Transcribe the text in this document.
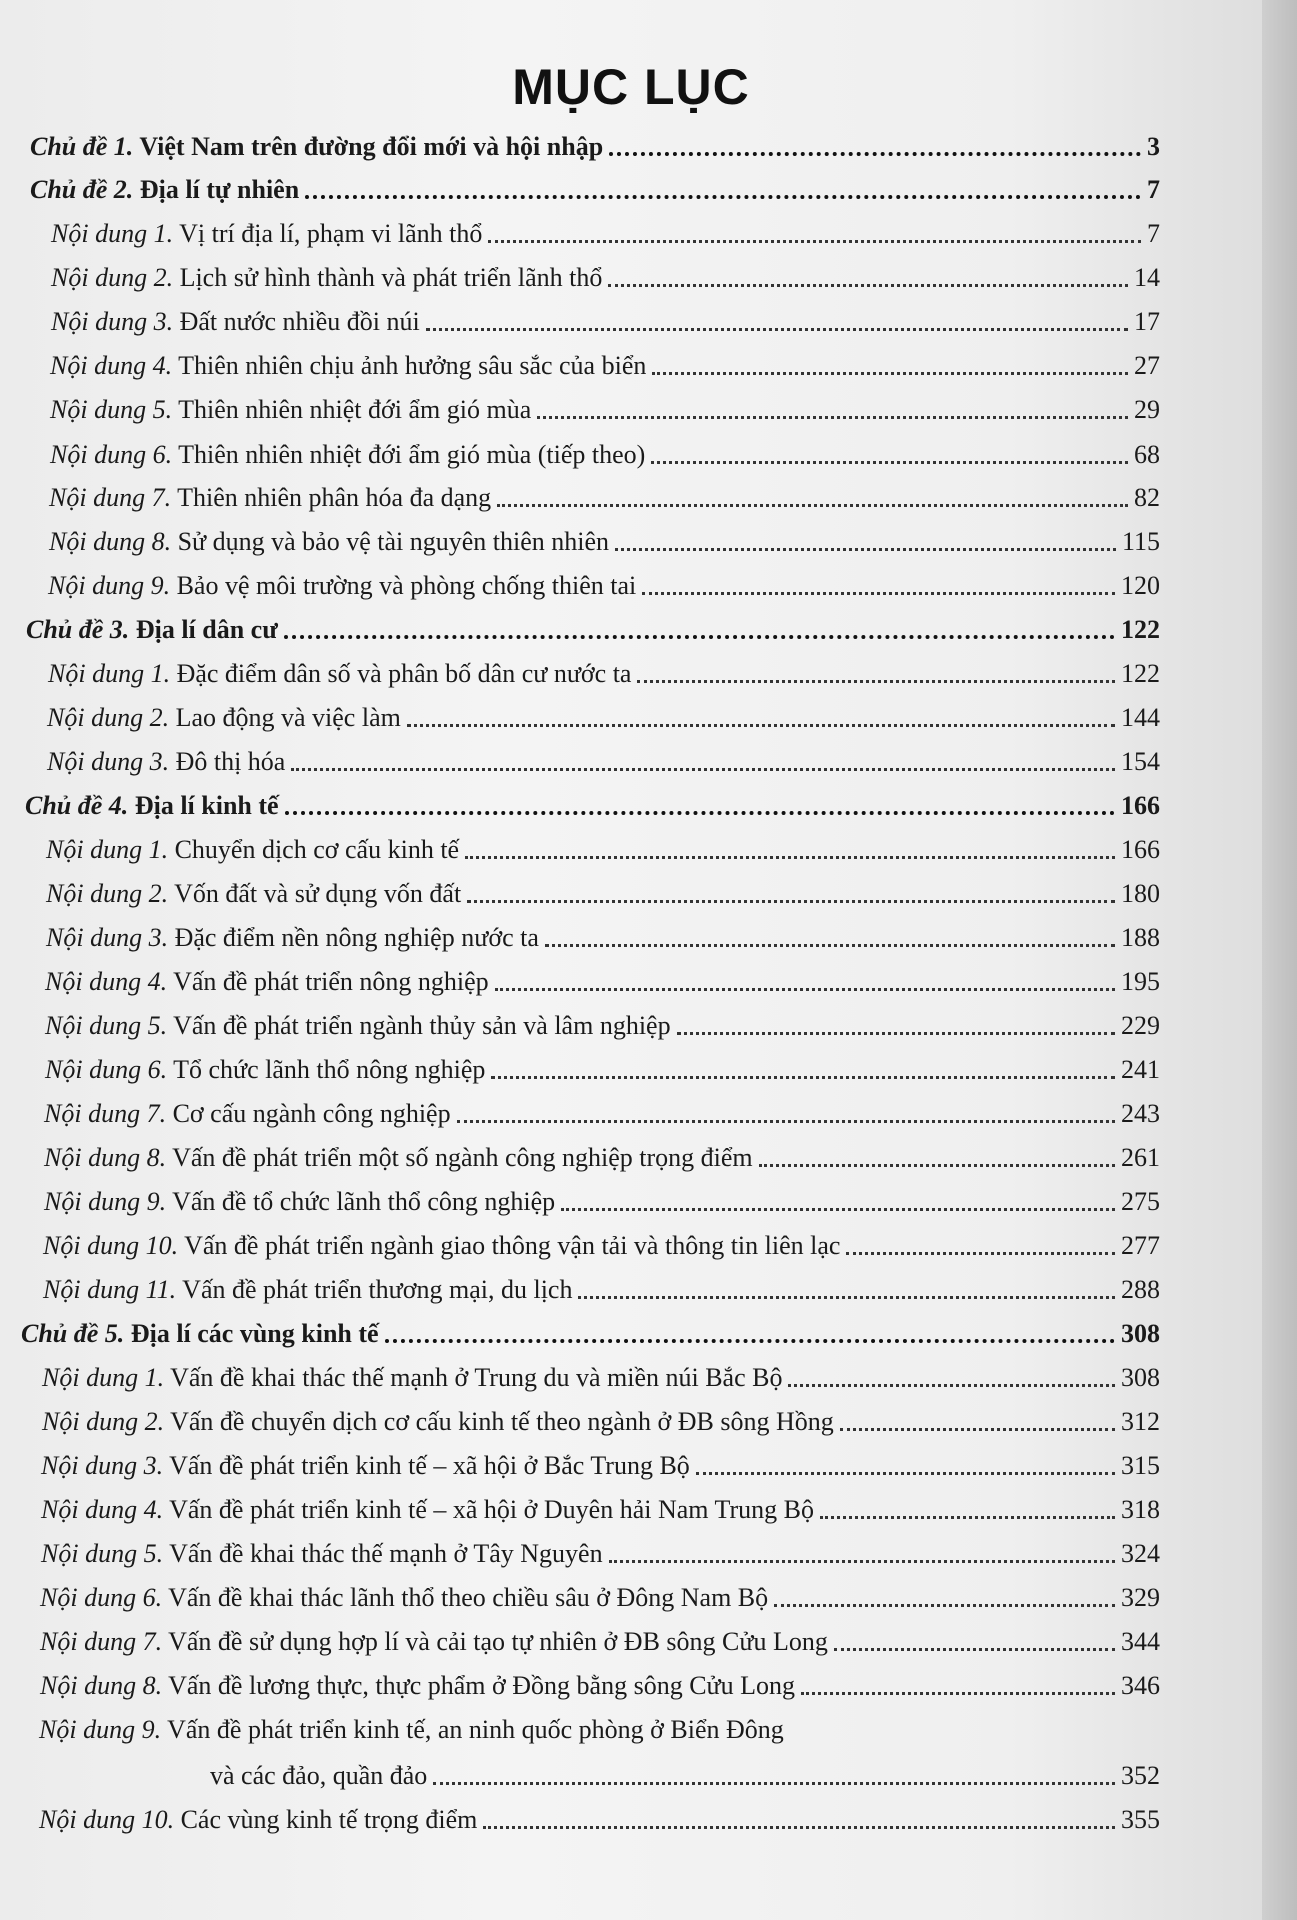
MỤC LỤC
Chủ đề 1. Việt Nam trên đường đổi mới và hội nhập	3
Chủ đề 2. Địa lí tự nhiên	7
Nội dung 1. Vị trí địa lí, phạm vi lãnh thổ	7
Nội dung 2. Lịch sử hình thành và phát triển lãnh thổ	14
Nội dung 3. Đất nước nhiều đồi núi	17
Nội dung 4. Thiên nhiên chịu ảnh hưởng sâu sắc của biển	27
Nội dung 5. Thiên nhiên nhiệt đới ẩm gió mùa	29
Nội dung 6. Thiên nhiên nhiệt đới ẩm gió mùa (tiếp theo)	68
Nội dung 7. Thiên nhiên phân hóa đa dạng	82
Nội dung 8. Sử dụng và bảo vệ tài nguyên thiên nhiên	115
Nội dung 9. Bảo vệ môi trường và phòng chống thiên tai	120
Chủ đề 3. Địa lí dân cư	122
Nội dung 1. Đặc điểm dân số và phân bố dân cư nước ta	122
Nội dung 2. Lao động và việc làm	144
Nội dung 3. Đô thị hóa	154
Chủ đề 4. Địa lí kinh tế	166
Nội dung 1. Chuyển dịch cơ cấu kinh tế	166
Nội dung 2. Vốn đất và sử dụng vốn đất	180
Nội dung 3. Đặc điểm nền nông nghiệp nước ta	188
Nội dung 4. Vấn đề phát triển nông nghiệp	195
Nội dung 5. Vấn đề phát triển ngành thủy sản và lâm nghiệp	229
Nội dung 6. Tổ chức lãnh thổ nông nghiệp	241
Nội dung 7. Cơ cấu ngành công nghiệp	243
Nội dung 8. Vấn đề phát triển một số ngành công nghiệp trọng điểm	261
Nội dung 9. Vấn đề tổ chức lãnh thổ công nghiệp	275
Nội dung 10. Vấn đề phát triển ngành giao thông vận tải và thông tin liên lạc	277
Nội dung 11. Vấn đề phát triển thương mại, du lịch	288
Chủ đề 5. Địa lí các vùng kinh tế	308
Nội dung 1. Vấn đề khai thác thế mạnh ở Trung du và miền núi Bắc Bộ	308
Nội dung 2. Vấn đề chuyển dịch cơ cấu kinh tế theo ngành ở ĐB sông Hồng	312
Nội dung 3. Vấn đề phát triển kinh tế – xã hội ở Bắc Trung Bộ	315
Nội dung 4. Vấn đề phát triển kinh tế – xã hội ở Duyên hải Nam Trung Bộ	318
Nội dung 5. Vấn đề khai thác thế mạnh ở Tây Nguyên	324
Nội dung 6. Vấn đề khai thác lãnh thổ theo chiều sâu ở Đông Nam Bộ	329
Nội dung 7. Vấn đề sử dụng hợp lí và cải tạo tự nhiên ở ĐB sông Cửu Long	344
Nội dung 8. Vấn đề lương thực, thực phẩm ở Đồng bằng sông Cửu Long	346
Nội dung 9. Vấn đề phát triển kinh tế, an ninh quốc phòng ở Biển Đông
và các đảo, quần đảo	352
Nội dung 10. Các vùng kinh tế trọng điểm	355
